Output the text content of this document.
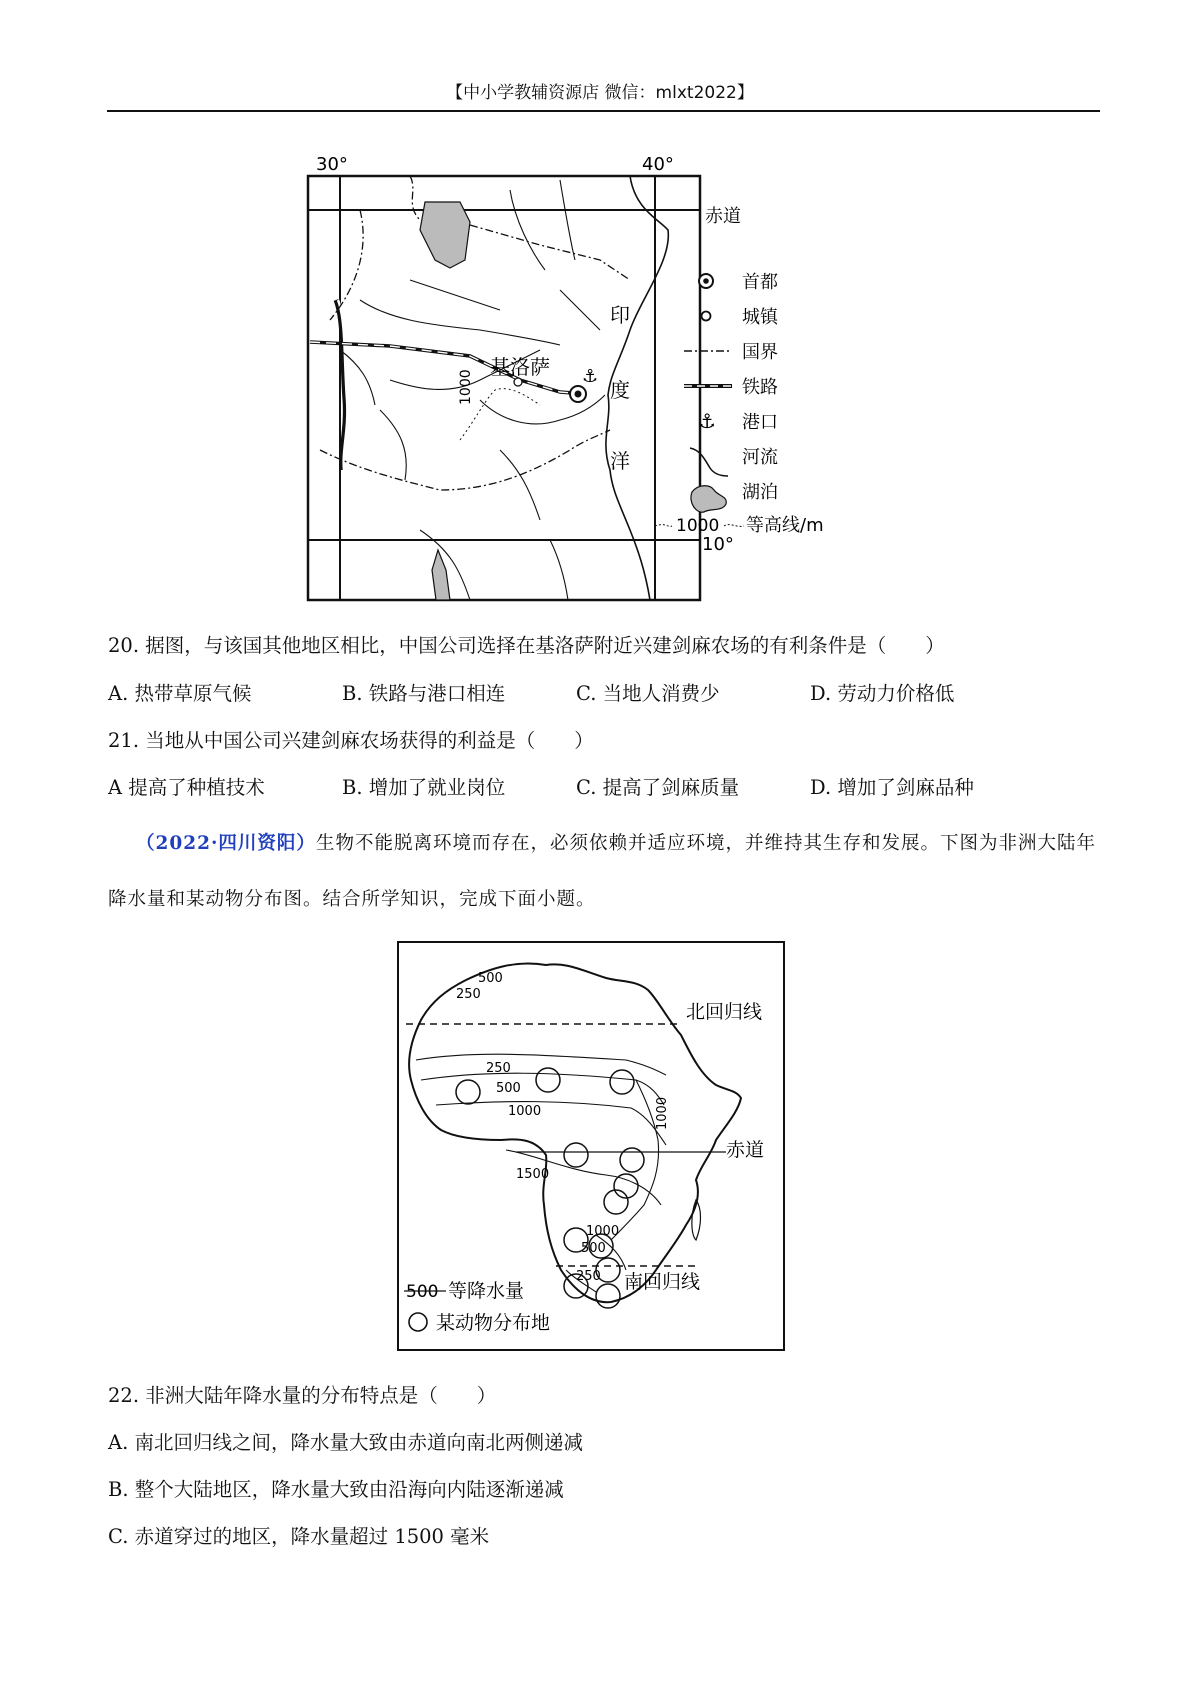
【中小学教辅资源店 微信：mlxt2022】
30°	40°
10°
赤道
1000
基洛萨 ⚓
印
度
洋
首都
城镇
国界
铁路
⚓ 港口
河流
湖泊
1000 等高线/m
20. 据图，与该国其他地区相比，中国公司选择在基洛萨附近兴建剑麻农场的有利条件是（　　）
A. 热带草原气候	B. 铁路与港口相连	C. 当地人消费少	D. 劳动力价格低
21. 当地从中国公司兴建剑麻农场获得的利益是（　　）
A 提高了种植技术	B. 增加了就业岗位	C. 提高了剑麻质量	D. 增加了剑麻品种
（2022·四川资阳）生物不能脱离环境而存在，必须依赖并适应环境，并维持其生存和发展。下图为非洲大陆年降水量和某动物分布图。结合所学知识，完成下面小题。
北回归线
赤道
南回归线
250
500
250
500
1000	1000
1500
1000
500
250
500 等降水量
某动物分布地
22. 非洲大陆年降水量的分布特点是（　　）
A. 南北回归线之间，降水量大致由赤道向南北两侧递减
B. 整个大陆地区，降水量大致由沿海向内陆逐渐递减
C. 赤道穿过的地区，降水量超过 1500 毫米
